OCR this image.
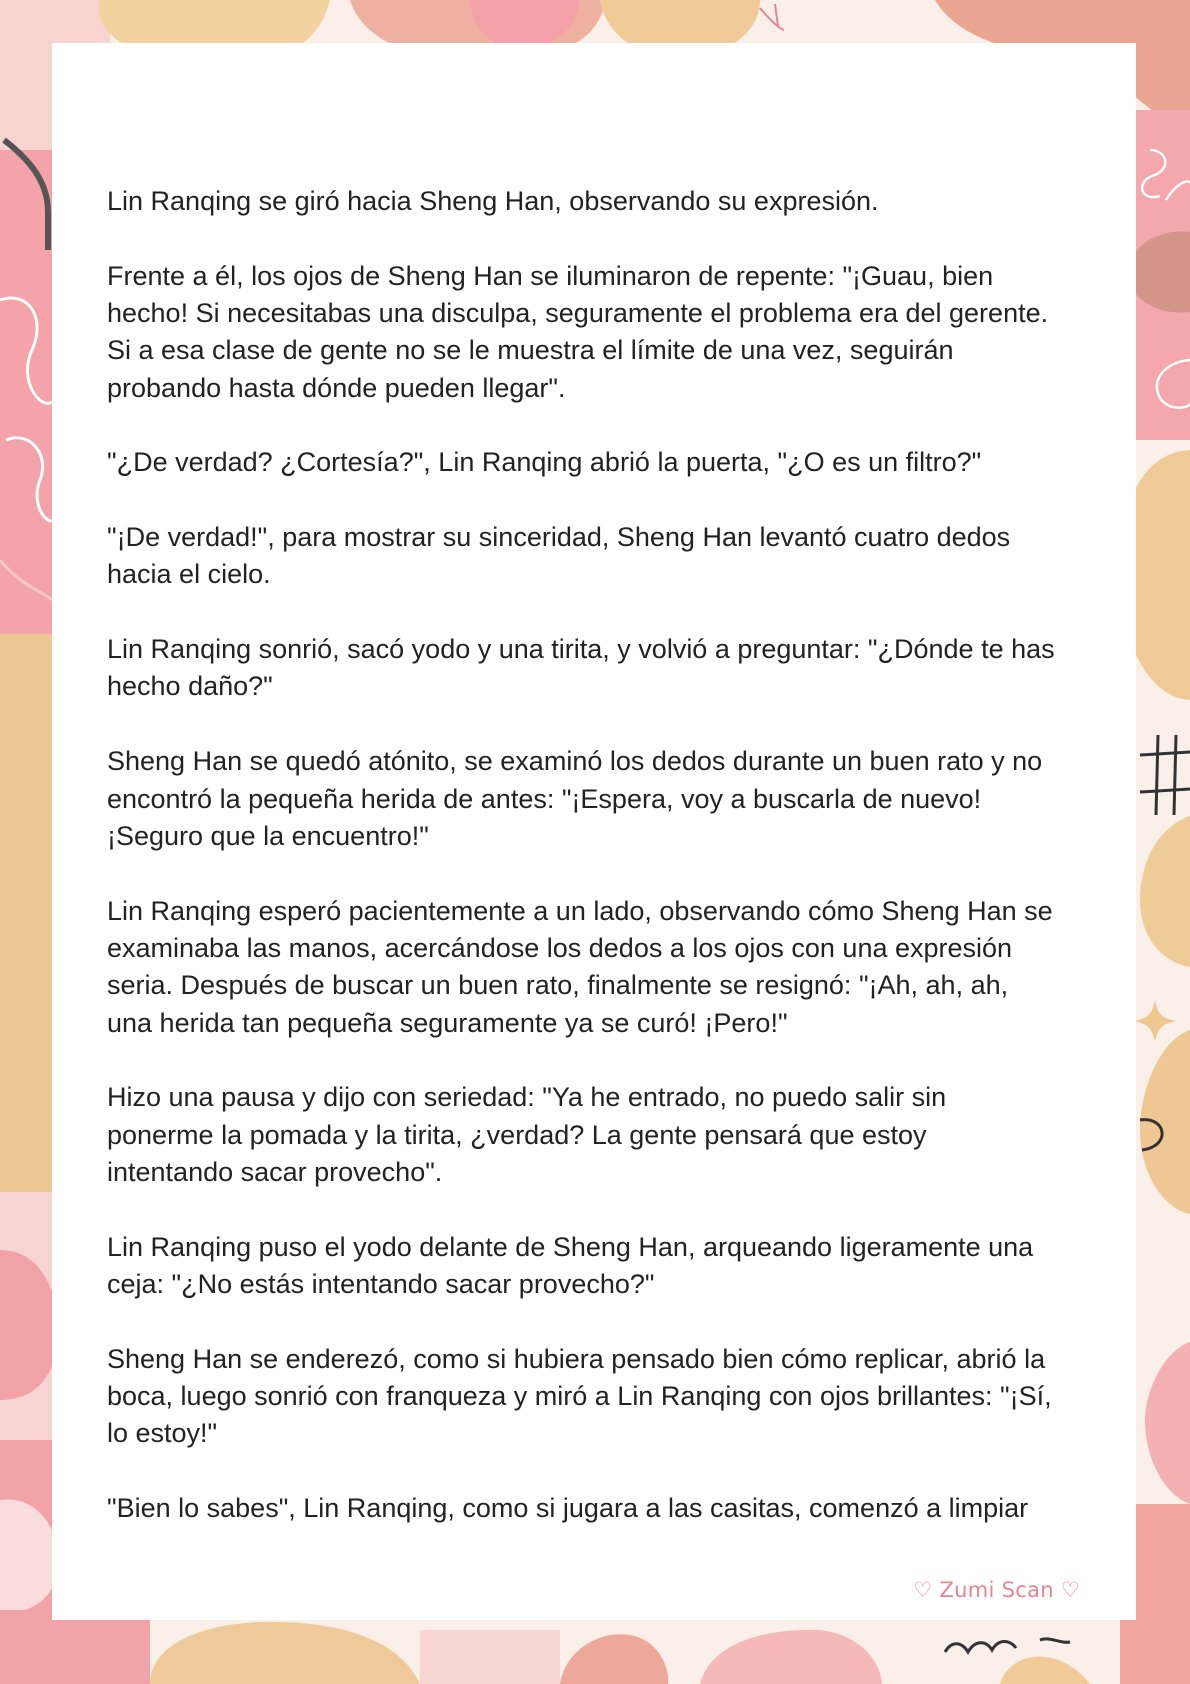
Lin Ranqing se giró hacia Sheng Han, observando su expresión.

Frente a él, los ojos de Sheng Han se iluminaron de repente: "¡Guau, bien
hecho! Si necesitabas una disculpa, seguramente el problema era del gerente.
Si a esa clase de gente no se le muestra el límite de una vez, seguirán
probando hasta dónde pueden llegar".

"¿De verdad? ¿Cortesía?", Lin Ranqing abrió la puerta, "¿O es un filtro?"

"¡De verdad!", para mostrar su sinceridad, Sheng Han levantó cuatro dedos
hacia el cielo.

Lin Ranqing sonrió, sacó yodo y una tirita, y volvió a preguntar: "¿Dónde te has
hecho daño?"

Sheng Han se quedó atónito, se examinó los dedos durante un buen rato y no
encontró la pequeña herida de antes: "¡Espera, voy a buscarla de nuevo!
¡Seguro que la encuentro!"

Lin Ranqing esperó pacientemente a un lado, observando cómo Sheng Han se
examinaba las manos, acercándose los dedos a los ojos con una expresión
seria. Después de buscar un buen rato, finalmente se resignó: "¡Ah, ah, ah,
una herida tan pequeña seguramente ya se curó! ¡Pero!"

Hizo una pausa y dijo con seriedad: "Ya he entrado, no puedo salir sin
ponerme la pomada y la tirita, ¿verdad? La gente pensará que estoy
intentando sacar provecho".

Lin Ranqing puso el yodo delante de Sheng Han, arqueando ligeramente una
ceja: "¿No estás intentando sacar provecho?"

Sheng Han se enderezó, como si hubiera pensado bien cómo replicar, abrió la
boca, luego sonrió con franqueza y miró a Lin Ranqing con ojos brillantes: "¡Sí,
lo estoy!"

"Bien lo sabes", Lin Ranqing, como si jugara a las casitas, comenzó a limpiar

♡ Zumi Scan ♡
